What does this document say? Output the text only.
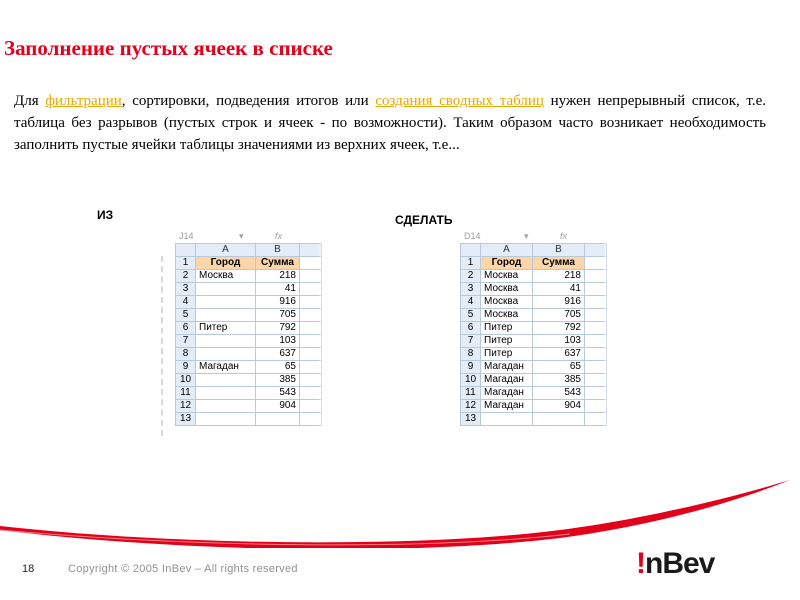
Заполнение пустых ячеек в списке
Для фильтрации, сортировки, подведения итогов или создания сводных таблиц нужен непрерывный список, т.е. таблица без разрывов (пустых строк и ячеек - по возможности). Таким образом часто возникает необходимость заполнить пустые ячейки таблицы значениями из верхних ячеек, т.е...
ИЗ	СДЕЛАТЬ
J14	▾	fx
	A	B	
1	Город	Сумма	
2	Москва	218	
3		41	
4		916	
5		705	
6	Питер	792	
7		103	
8		637	
9	Магадан	65	
10		385	
11		543	
12		904	
13			
D14	▾	fx
	A	B	
1	Город	Сумма	
2	Москва	218	
3	Москва	41	
4	Москва	916	
5	Москва	705	
6	Питер	792	
7	Питер	103	
8	Питер	637	
9	Магадан	65	
10	Магадан	385	
11	Магадан	543	
12	Магадан	904	
13			
18	Copyright © 2005 InBev – All rights reserved	!nBev
